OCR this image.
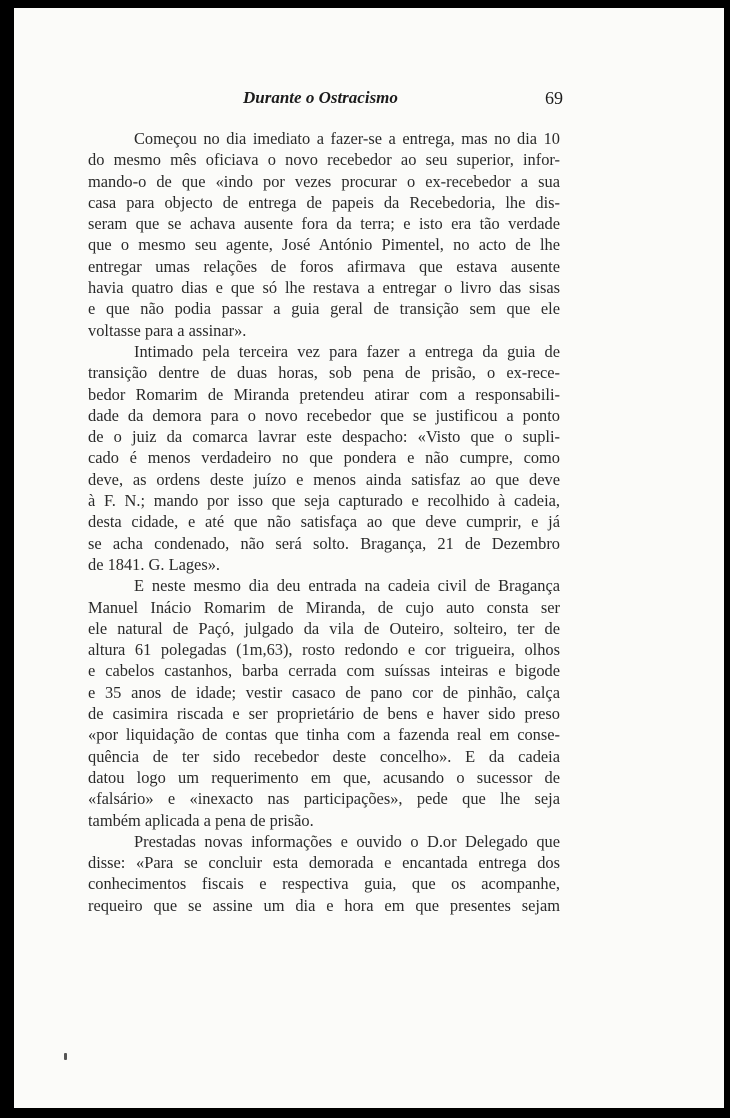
Durante o Ostracismo	69
Começou no dia imediato a fazer-se a entrega, mas no dia 10
do mesmo mês oficiava o novo recebedor ao seu superior, infor-
mando-o de que «indo por vezes procurar o ex-recebedor a sua
casa para objecto de entrega de papeis da Recebedoria, lhe dis-
seram que se achava ausente fora da terra; e isto era tão verdade
que o mesmo seu agente, José António Pimentel, no acto de lhe
entregar umas relações de foros afirmava que estava ausente
havia quatro dias e que só lhe restava a entregar o livro das sisas
e que não podia passar a guia geral de transição sem que ele
voltasse para a assinar».
Intimado pela terceira vez para fazer a entrega da guia de
transição dentre de duas horas, sob pena de prisão, o ex-rece-
bedor Romarim de Miranda pretendeu atirar com a responsabili-
dade da demora para o novo recebedor que se justificou a ponto
de o juiz da comarca lavrar este despacho: «Visto que o supli-
cado é menos verdadeiro no que pondera e não cumpre, como
deve, as ordens deste juízo e menos ainda satisfaz ao que deve
à F. N.; mando por isso que seja capturado e recolhido à cadeia,
desta cidade, e até que não satisfaça ao que deve cumprir, e já
se acha condenado, não será solto. Bragança, 21 de Dezembro
de 1841. G. Lages».
E neste mesmo dia deu entrada na cadeia civil de Bragança
Manuel Inácio Romarim de Miranda, de cujo auto consta ser
ele natural de Paçó, julgado da vila de Outeiro, solteiro, ter de
altura 61 polegadas (1m,63), rosto redondo e cor trigueira, olhos
e cabelos castanhos, barba cerrada com suíssas inteiras e bigode
e 35 anos de idade; vestir casaco de pano cor de pinhão, calça
de casimira riscada e ser proprietário de bens e haver sido preso
«por liquidação de contas que tinha com a fazenda real em conse-
quência de ter sido recebedor deste concelho». E da cadeia
datou logo um requerimento em que, acusando o sucessor de
«falsário» e «inexacto nas participações», pede que lhe seja
também aplicada a pena de prisão.
Prestadas novas informações e ouvido o D.or Delegado que
disse: «Para se concluir esta demorada e encantada entrega dos
conhecimentos fiscais e respectiva guia, que os acompanhe,
requeiro que se assine um dia e hora em que presentes sejam
